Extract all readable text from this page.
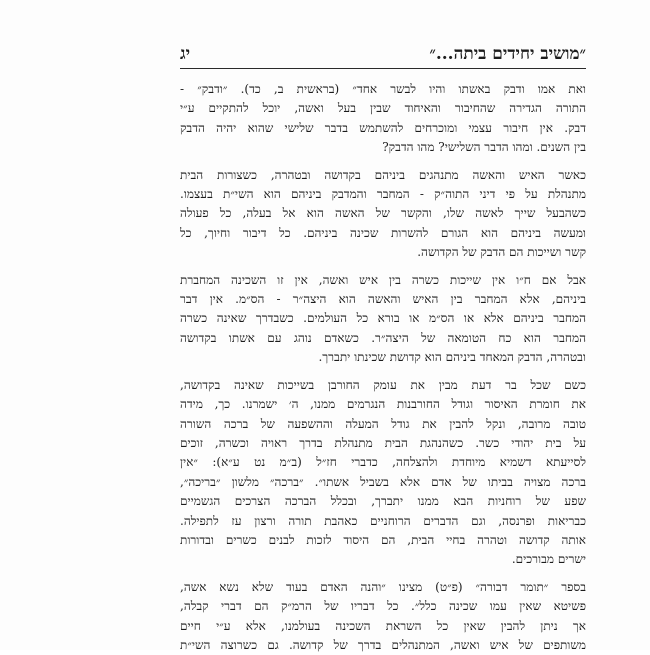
״מושיב יחידים ביתה...״
יג

ואת אמו ודבק באשתו והיו לבשר אחד״ (בראשית ב, כד). ״ודבק״ -
התורה הגדירה שהחיבור והאיחוד שבין בעל ואשה, יוכל להתקיים ע״י
דבק. אין חיבור עצמי ומוכרחים להשתמש בדבר שלישי שהוא יהיה הדבק
בין השנים. ומהו הדבר השלישי? מהו הדבק?

כאשר האיש והאשה מתנהגים ביניהם בקדושה ובטהרה, כשצורות הבית
מתנהלת על פי דיני התוה״ק - המחבר והמדבק ביניהם הוא השי״ת בעצמו.
כשהבעל שייך לאשה שלו, והקשר של האשה הוא אל בעלה, כל פעולה
ומעשה ביניהם הוא הגורם להשרות שכינה ביניהם. כל דיבור וחיוך, כל
קשר ושייכות הם הדבק של הקדושה.

אבל אם ח״ו אין שייכות כשרה בין איש ואשה, אין זו השכינה המחברת
ביניהם, אלא המחבר בין האיש והאשה הוא היצה״ר - הס״מ. אין דבר
המחבר ביניהם אלא או הס״מ או בורא כל העולמים. כשבדרך שאינה כשרה
המחבר הוא כח הטומאה של היצה״ר. כשאדם נוהג עם אשתו בקדושה
ובטהרה, הדבק המאחד ביניהם הוא קדושת שכינתו יתברך.

כשם שכל בר דעת מבין את עומק החורבן בשייכות שאינה בקדושה,
את חומרת האיסור וגודל החורבנות הנגרמים ממנו, ה׳ ישמרנו. כך, מידה
טובה מרובה, ונקל להבין את גודל המעלה וההשפעה של ברכה השורה
על בית יהודי כשר. כשהנהגת הבית מתנהלת בדרך ראויה וכשרה, זוכים
לסייעתא דשמיא מיוחדת ולהצלחה, כדברי חז״ל (ב״מ נט ע״א): ״אין
ברכה מצויה בביתו של אדם אלא בשביל אשתו״. ״ברכה״ מלשון ״בריכה״,
שפע של רוחניות הבא ממנו יתברך, ובכלל הברכה הצרכים הגשמיים
כבריאות ופרנסה, וגם הדברים הרוחניים כאהבת תורה ורצון עז לתפילה.
אותה קדושה וטהרה בחיי הבית, הם היסוד לזכות לבנים כשרים ובדורות
ישרים מבורכים.

בספר ״תומר דבורה״ (פ״ט) מצינו ״והנה האדם בעוד שלא נשא אשה,
פשיטא שאין עמו שכינה כלל״. כל דבריו של הרמ״ק הם דברי קבלה,
אך ניתן להבין שאין כל השראת השכינה בעולמנו, אלא ע״י חיים
משותפים של איש ואשה, המתנהלים בדרך של קדושה. גם כשרוצה השי״ת
